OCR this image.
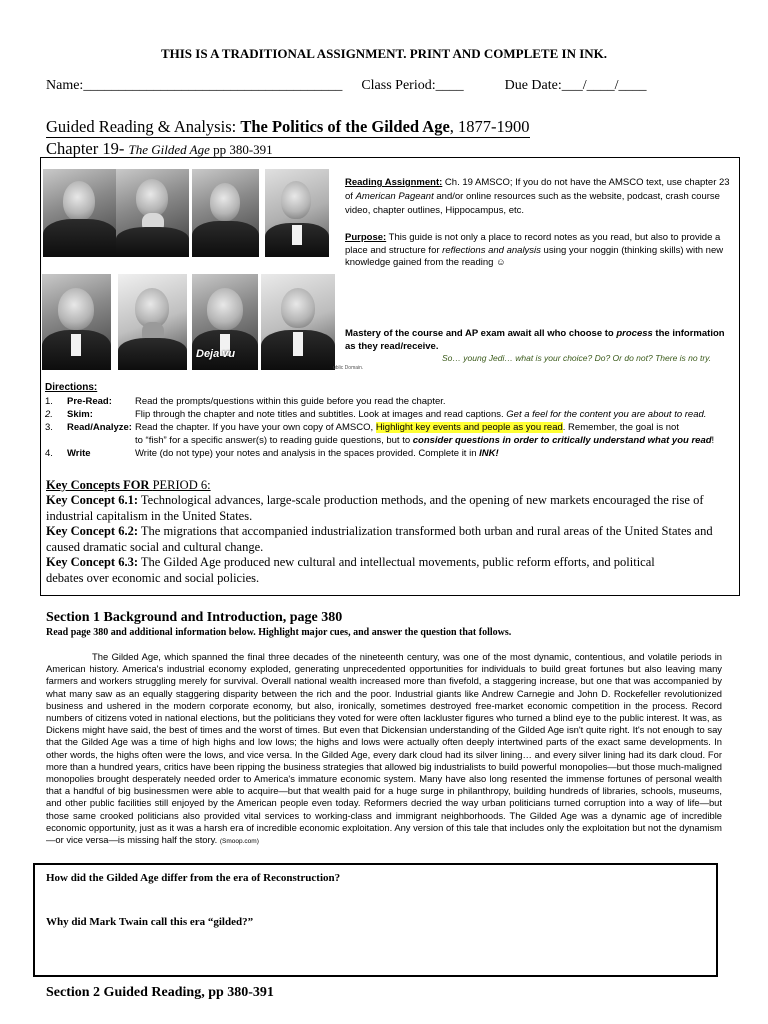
THIS IS A TRADITIONAL ASSIGNMENT. PRINT AND COMPLETE IN INK.
Name:_____________________________________ Class Period:____	Due Date:___/____/____
Guided Reading & Analysis: The Politics of the Gilded Age, 1877-1900
Chapter 19- The Gilded Age pp 380-391
Deja vu
ublic Domain.
Reading Assignment: Ch. 19 AMSCO; If you do not have the AMSCO text, use chapter 23 of American Pageant and/or online resources such as the website, podcast, crash course video, chapter outlines, Hippocampus, etc.
Purpose: This guide is not only a place to record notes as you read, but also to provide a place and structure for reflections and analysis using your noggin (thinking skills) with new knowledge gained from the reading ☺
Mastery of the course and AP exam await all who choose to process the information as they read/receive.
So… young Jedi… what is your choice? Do? Or do not? There is no try.
Directions:
1. Pre-Read: Read the prompts/questions within this guide before you read the chapter.
2. Skim:	Flip through the chapter and note titles and subtitles. Look at images and read captions. Get a feel for the content you are about to read.
3. Read/Analyze: Read the chapter. If you have your own copy of AMSCO, Highlight key events and people as you read. Remember, the goal is not
to “fish” for a specific answer(s) to reading guide questions, but to consider questions in order to critically understand what you read!
4. Write	Write (do not type) your notes and analysis in the spaces provided. Complete it in INK!
Key Concepts FOR PERIOD 6:
Key Concept 6.1: Technological advances, large-scale production methods, and the opening of new markets encouraged the rise of industrial capitalism in the United States.
Key Concept 6.2: The migrations that accompanied industrialization transformed both urban and rural areas of the United States and caused dramatic social and cultural change.
Key Concept 6.3: The Gilded Age produced new cultural and intellectual movements, public reform efforts, and political debates over economic and social policies.
Section 1 Background and Introduction, page 380
Read page 380 and additional information below. Highlight major cues, and answer the question that follows.
The Gilded Age, which spanned the final three decades of the nineteenth century, was one of the most dynamic, contentious, and volatile periods in American history. America's industrial economy exploded, generating unprecedented opportunities for individuals to build great fortunes but also leaving many farmers and workers struggling merely for survival. Overall national wealth increased more than fivefold, a staggering increase, but one that was accompanied by what many saw as an equally staggering disparity between the rich and the poor. Industrial giants like Andrew Carnegie and John D. Rockefeller revolutionized business and ushered in the modern corporate economy, but also, ironically, sometimes destroyed free-market economic competition in the process. Record numbers of citizens voted in national elections, but the politicians they voted for were often lackluster figures who turned a blind eye to the public interest. It was, as Dickens might have said, the best of times and the worst of times. But even that Dickensian understanding of the Gilded Age isn't quite right. It's not enough to say that the Gilded Age was a time of high highs and low lows; the highs and lows were actually often deeply intertwined parts of the exact same developments. In other words, the highs often were the lows, and vice versa. In the Gilded Age, every dark cloud had its silver lining… and every silver lining had its dark cloud. For more than a hundred years, critics have been ripping the business strategies that allowed big industrialists to build powerful monopolies—but those much-maligned monopolies brought desperately needed order to America's immature economic system. Many have also long resented the immense fortunes of personal wealth that a handful of big businessmen were able to acquire—but that wealth paid for a huge surge in philanthropy, building hundreds of libraries, schools, museums, and other public facilities still enjoyed by the American people even today. Reformers decried the way urban politicians turned corruption into a way of life—but those same crooked politicians also provided vital services to working-class and immigrant neighborhoods. The Gilded Age was a dynamic age of incredible economic opportunity, just as it was a harsh era of incredible economic exploitation. Any version of this tale that includes only the exploitation but not the dynamism—or vice versa—is missing half the story. (Smoop.com)
How did the Gilded Age differ from the era of Reconstruction?
Why did Mark Twain call this era “gilded?”
Section 2 Guided Reading, pp 380-391
